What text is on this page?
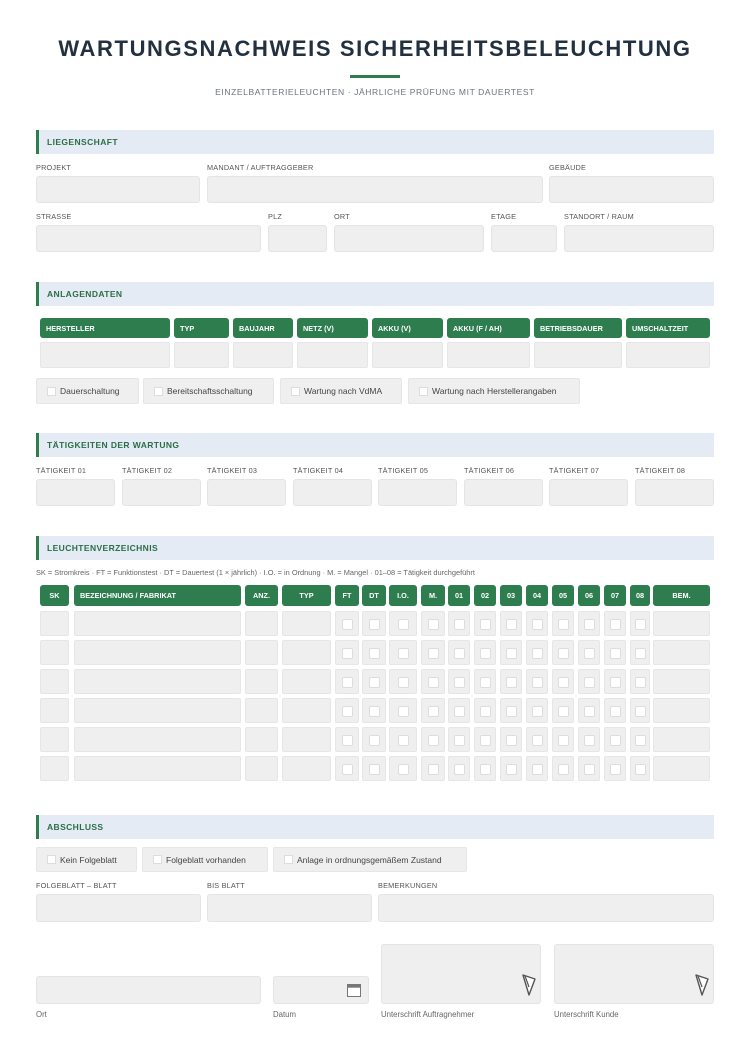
WARTUNGSNACHWEIS SICHERHEITSBELEUCHTUNG
EINZELBATTERIELEUCHTEN · JÄHRLICHE PRÜFUNG MIT DAUERTEST
LIEGENSCHAFT
PROJEKT	MANDANT / AUFTRAGGEBER	GEBÄUDE
STRASSE	PLZ	ORT	ETAGE	STANDORT / RAUM
ANLAGENDATEN
HERSTELLER	TYP	BAUJAHR	NETZ (V)	AKKU (V)	AKKU (F / AH)	BETRIEBSDAUER	UMSCHALTZEIT
Dauerschaltung	Bereitschaftsschaltung	Wartung nach VdMA	Wartung nach Herstellerangaben
TÄTIGKEITEN DER WARTUNG
TÄTIGKEIT 01	TÄTIGKEIT 02	TÄTIGKEIT 03	TÄTIGKEIT 04	TÄTIGKEIT 05	TÄTIGKEIT 06	TÄTIGKEIT 07	TÄTIGKEIT 08
LEUCHTENVERZEICHNIS
SK = Stromkreis · FT = Funktionstest · DT = Dauertest (1 × jährlich) · I.O. = in Ordnung · M. = Mangel · 01–08 = Tätigkeit durchgeführt
SK	BEZEICHNUNG / FABRIKAT	ANZ.	TYP	FT	DT	I.O.	M.	01	02	03	04	05	06	07	08	BEM.
ABSCHLUSS
Kein Folgeblatt	Folgeblatt vorhanden	Anlage in ordnungsgemäßem Zustand
FOLGEBLATT – BLATT	BIS BLATT	BEMERKUNGEN
Ort	Datum	Unterschrift Auftragnehmer	Unterschrift Kunde
